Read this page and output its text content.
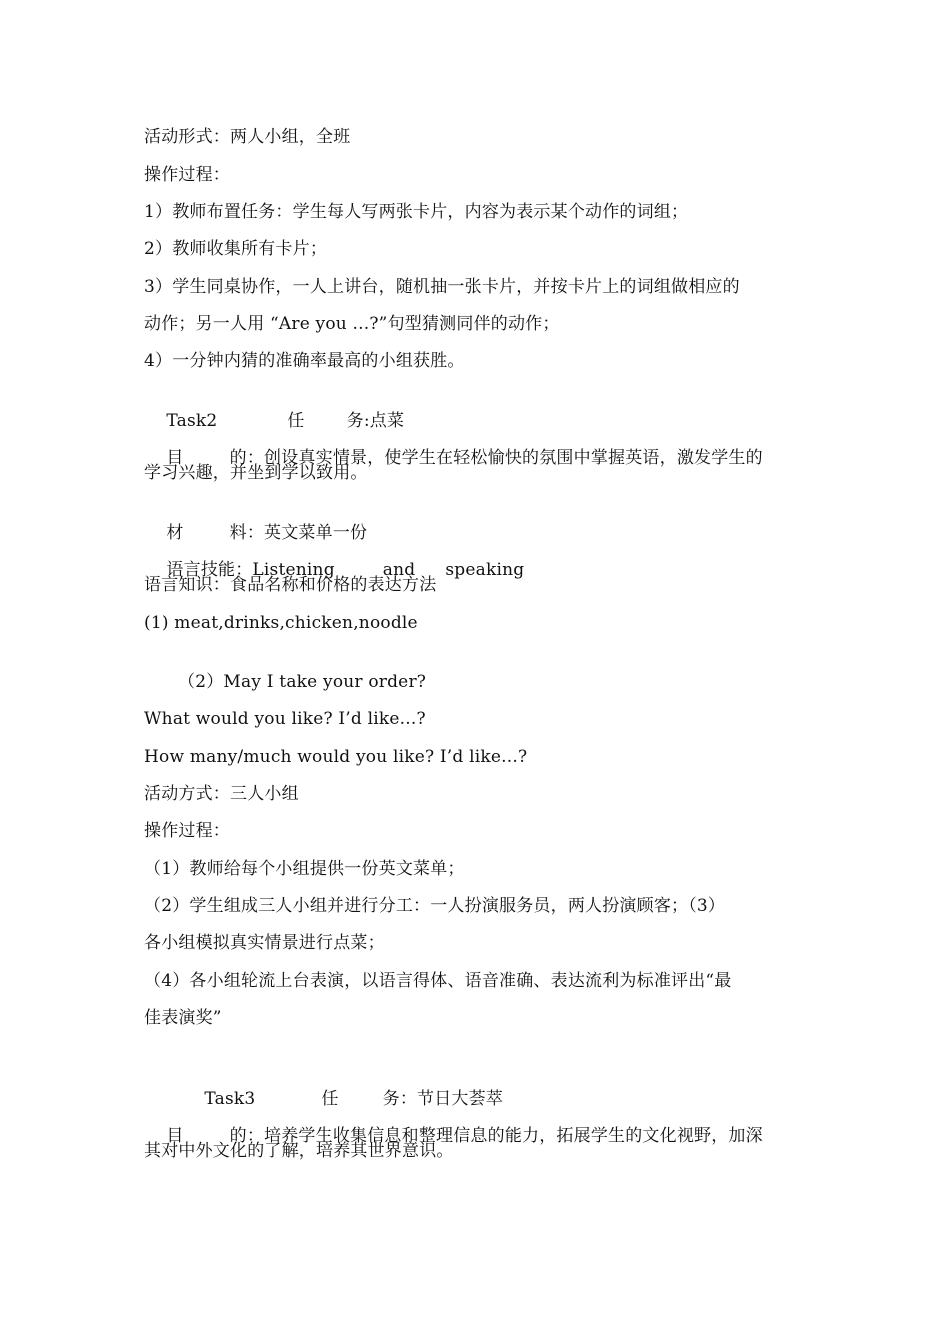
活动形式：两人小组，全班
操作过程：
1）教师布置任务：学生每人写两张卡片，内容为表示某个动作的词组；
2）教师收集所有卡片；
3）学生同桌协作，一人上讲台，随机抽一张卡片，并按卡片上的词组做相应的
动作；另一人用 “Are you ...?”句型猜测同伴的动作；
4）一分钟内猜的准确率最高的小组获胜。

Task2	任 务:点菜

目	的：创设真实情景，使学生在轻松愉快的氛围中掌握英语，激发学生的

学习兴趣，并坐到学以致用。

材	料：英文菜单一份

语言技能：Listening	and speaking

语言知识：食品名称和价格的表达方法
(1) meat,drinks,chicken,noodle
（2）May I take your order?
What would you like? I’d like...?
How many/much would you like? I’d like...?
活动方式：三人小组
操作过程：
（1）教师给每个小组提供一份英文菜单；
（2）学生组成三人小组并进行分工：一人扮演服务员，两人扮演顾客；（3）
各小组模拟真实情景进行点菜；
（4）各小组轮流上台表演，以语言得体、语音准确、表达流利为标准评出“最
佳表演奖”

Task3	任	务：节日大荟萃

目	的：培养学生收集信息和整理信息的能力，拓展学生的文化视野，加深

其对中外文化的了解，培养其世界意识。
